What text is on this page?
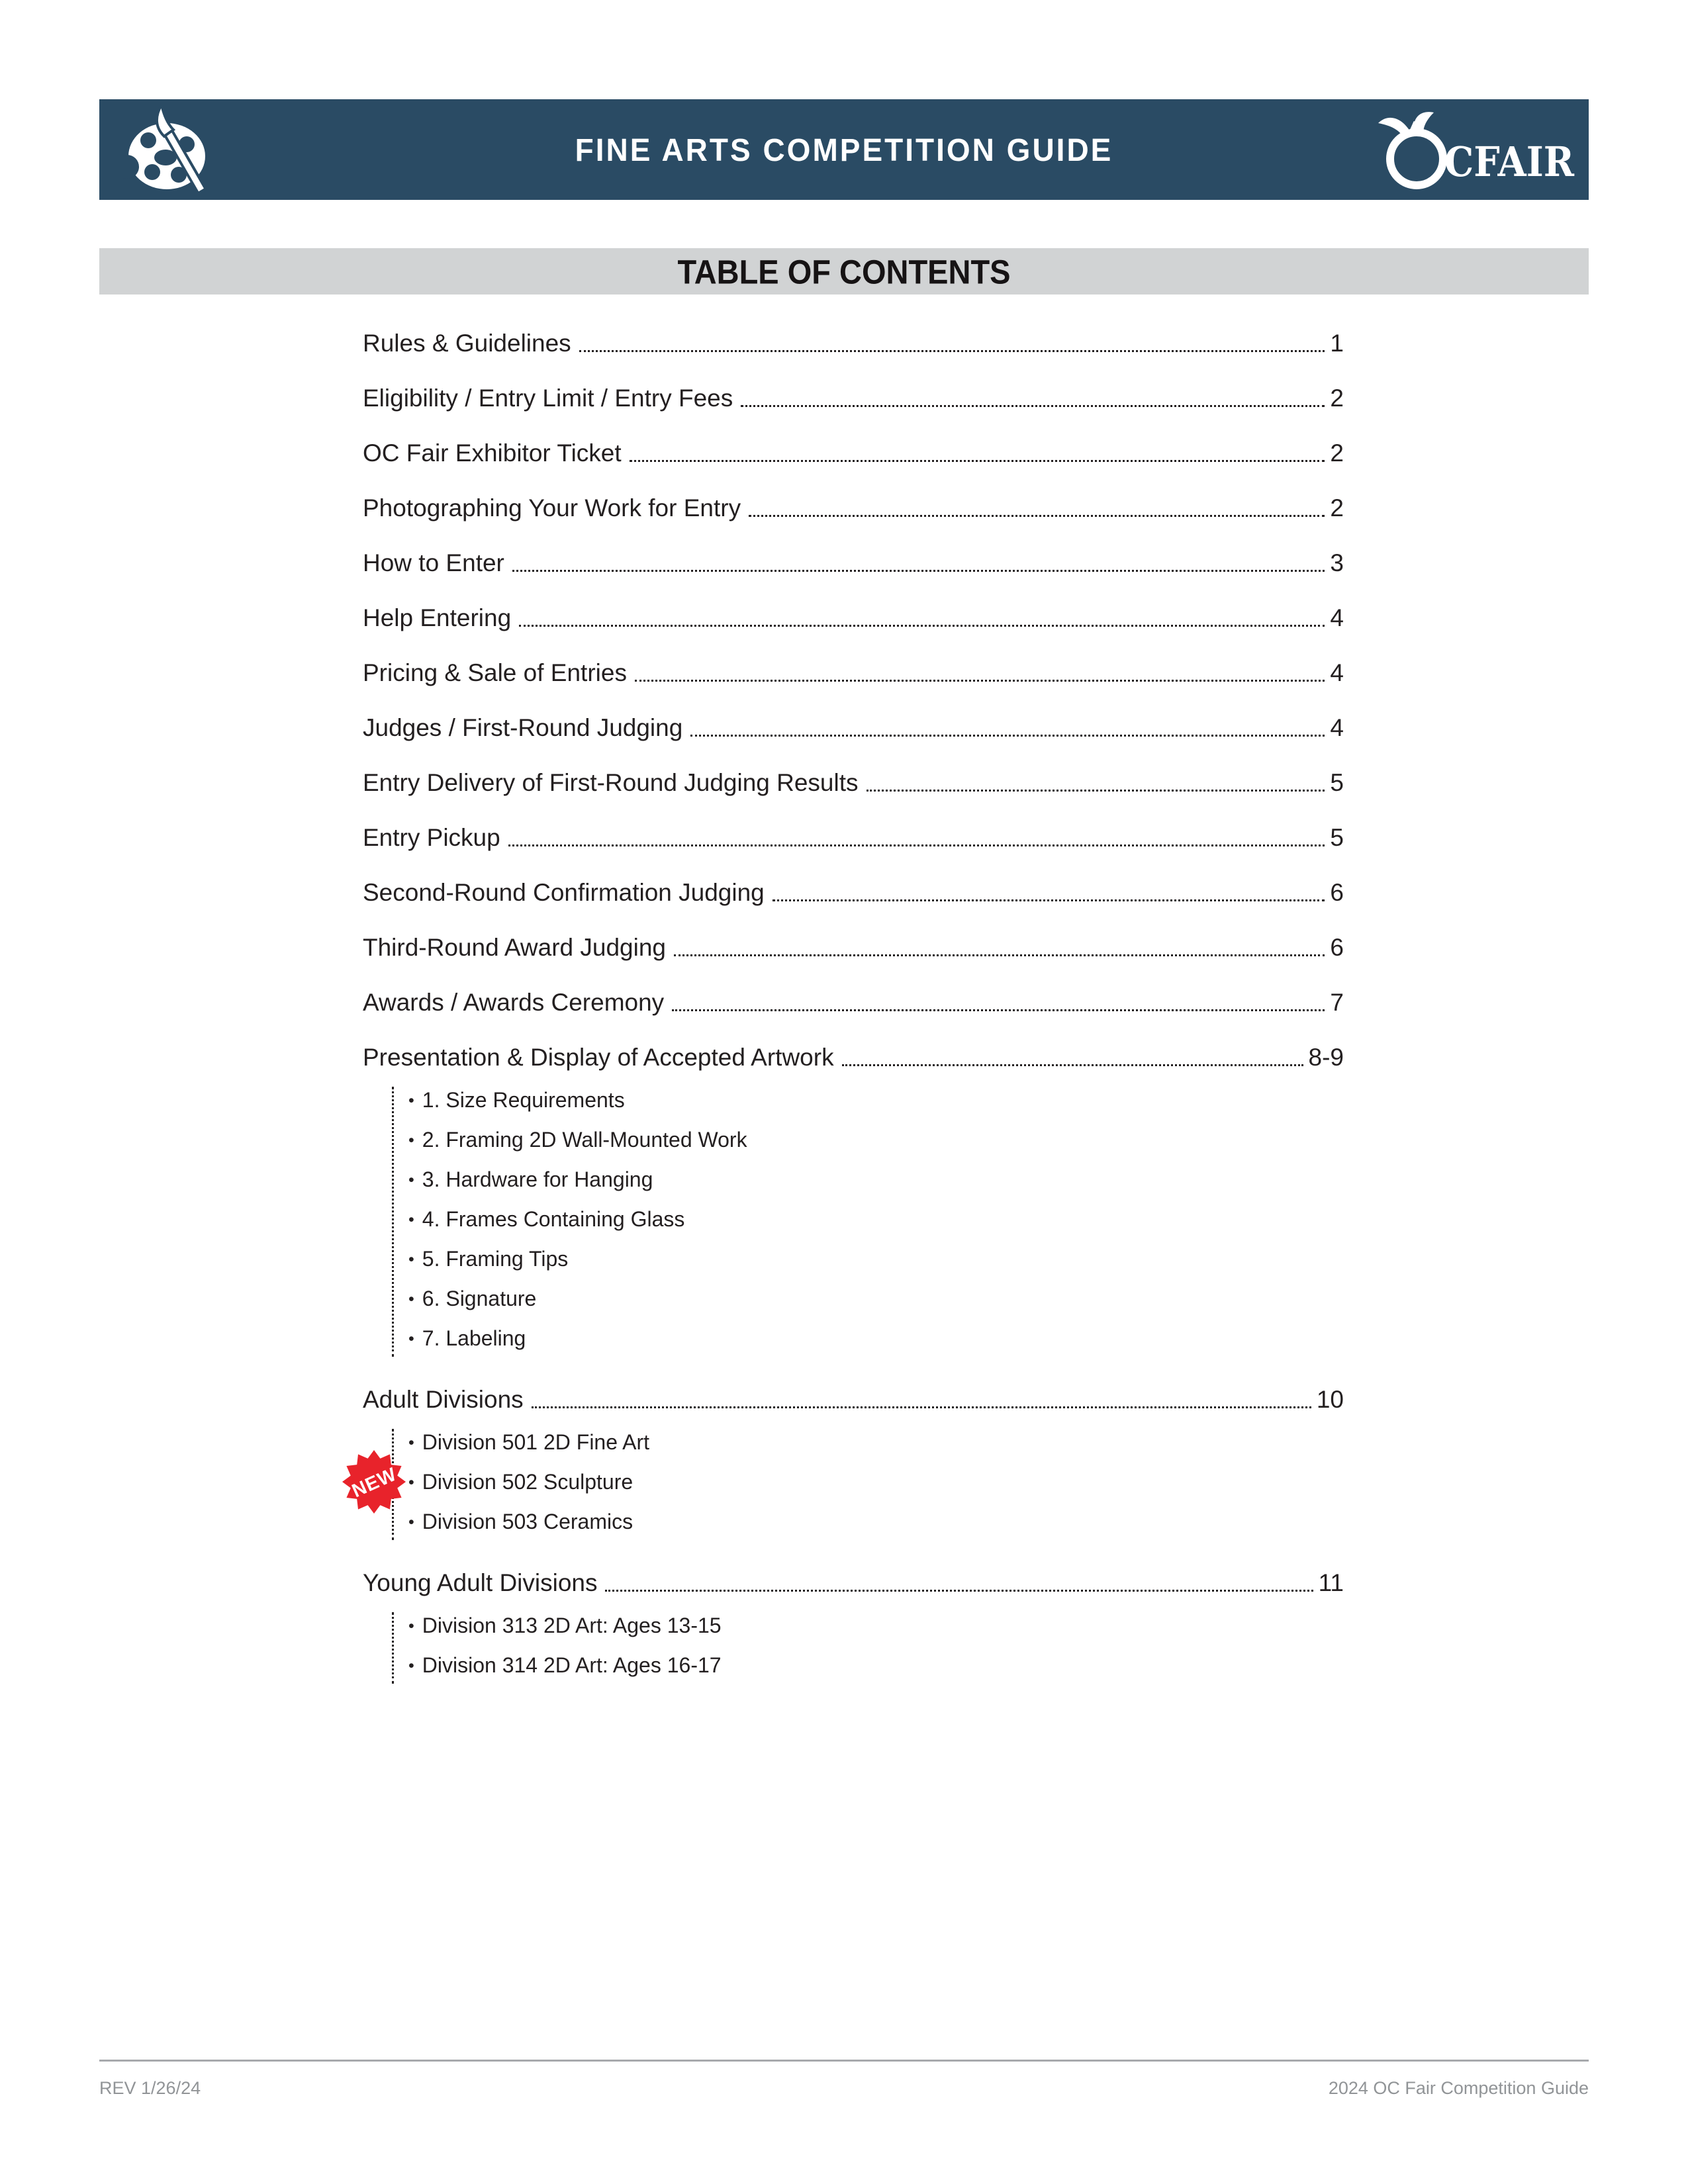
FINE ARTS COMPETITION GUIDE	CFAIR
TABLE OF CONTENTS
Rules & Guidelines	1
Eligibility / Entry Limit / Entry Fees	2
OC Fair Exhibitor Ticket	2
Photographing Your Work for Entry	2
How to Enter	3
Help Entering	4
Pricing & Sale of Entries	4
Judges / First-Round Judging	4
Entry Delivery of First-Round Judging Results	5
Entry Pickup	5
Second-Round Confirmation Judging	6
Third-Round Award Judging	6
Awards / Awards Ceremony	7
Presentation & Display of Accepted Artwork	8-9
• 1. Size Requirements
• 2. Framing 2D Wall-Mounted Work
• 3. Hardware for Hanging
• 4. Frames Containing Glass
• 5. Framing Tips
• 6. Signature
• 7. Labeling
Adult Divisions	10
• Division 501 2D Fine Art
NEW • Division 502 Sculpture
• Division 503 Ceramics
Young Adult Divisions	11
• Division 313 2D Art: Ages 13-15
• Division 314 2D Art: Ages 16-17
REV 1/26/24	2024 OC Fair Competition Guide
